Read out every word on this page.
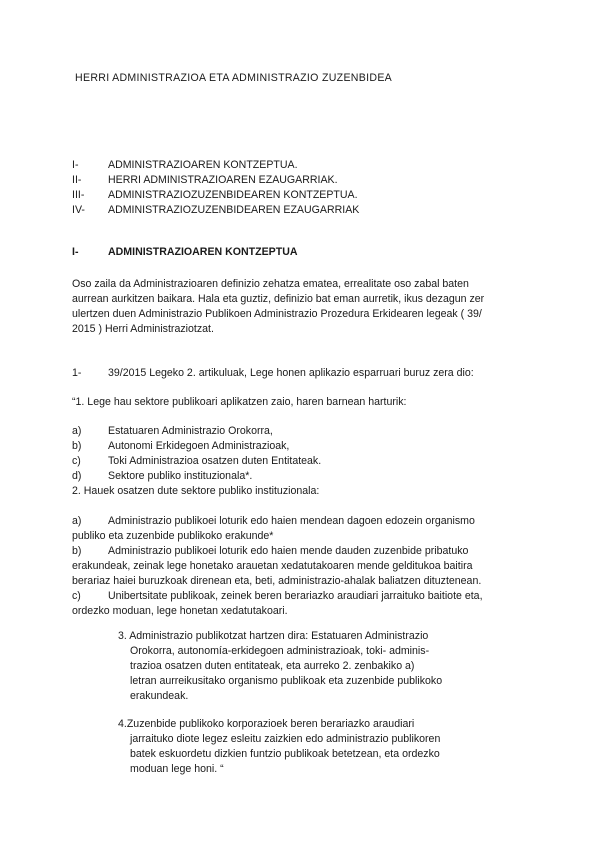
HERRI ADMINISTRAZIOA ETA ADMINISTRAZIO ZUZENBIDEA
I-	ADMINISTRAZIOAREN KONTZEPTUA.
II-	HERRI ADMINISTRAZIOAREN EZAUGARRIAK.
III- ADMINISTRAZIOZUZENBIDEAREN KONTZEPTUA.
IV- ADMINISTRAZIOZUZENBIDEAREN EZAUGARRIAK
I-	ADMINISTRAZIOAREN KONTZEPTUA
Oso zaila da Administrazioaren definizio zehatza ematea, errealitate oso zabal baten
aurrean aurkitzen baikara. Hala eta guztiz, definizio bat eman aurretik, ikus dezagun zer
ulertzen duen Administrazio Publikoen Administrazio Prozedura Erkidearen legeak ( 39/
2015 ) Herri Administraziotzat.
1-	39/2015 Legeko 2. artikuluak, Lege honen aplikazio esparruari buruz zera dio:
“1. Lege hau sektore publikoari aplikatzen zaio, haren barnean harturik:
a)	Estatuaren Administrazio Orokorra,
b)	Autonomi Erkidegoen Administrazioak,
c)	Toki Administrazioa osatzen duten Entitateak.
d)	Sektore publiko instituzionala*.
2. Hauek osatzen dute sektore publiko instituzionala:
a)	Administrazio publikoei loturik edo haien mendean dagoen edozein organismo
publiko eta zuzenbide publikoko erakunde*
b)	Administrazio publikoei loturik edo haien mende dauden zuzenbide pribatuko
erakundeak, zeinak lege honetako arauetan xedatutakoaren mende gelditukoa baitira
berariaz haiei buruzkoak direnean eta, beti, administrazio-ahalak baliatzen dituztenean.
c)	Unibertsitate publikoak, zeinek beren berariazko araudiari jarraituko baitiote eta,
ordezko moduan, lege honetan xedatutakoari.
3. Administrazio publikotzat hartzen dira: Estatuaren Administrazio
Orokorra, autonomía-erkidegoen administrazioak, toki- adminis-
trazioa osatzen duten entitateak, eta aurreko 2. zenbakiko a)
letran aurreikusitako organismo publikoak eta zuzenbide publikoko
erakundeak.
4.Zuzenbide publikoko korporazioek beren berariazko araudiari
jarraituko diote legez esleitu zaizkien edo administrazio publikoren
batek eskuordetu dizkien funtzio publikoak betetzean, eta ordezko
moduan lege honi. “
